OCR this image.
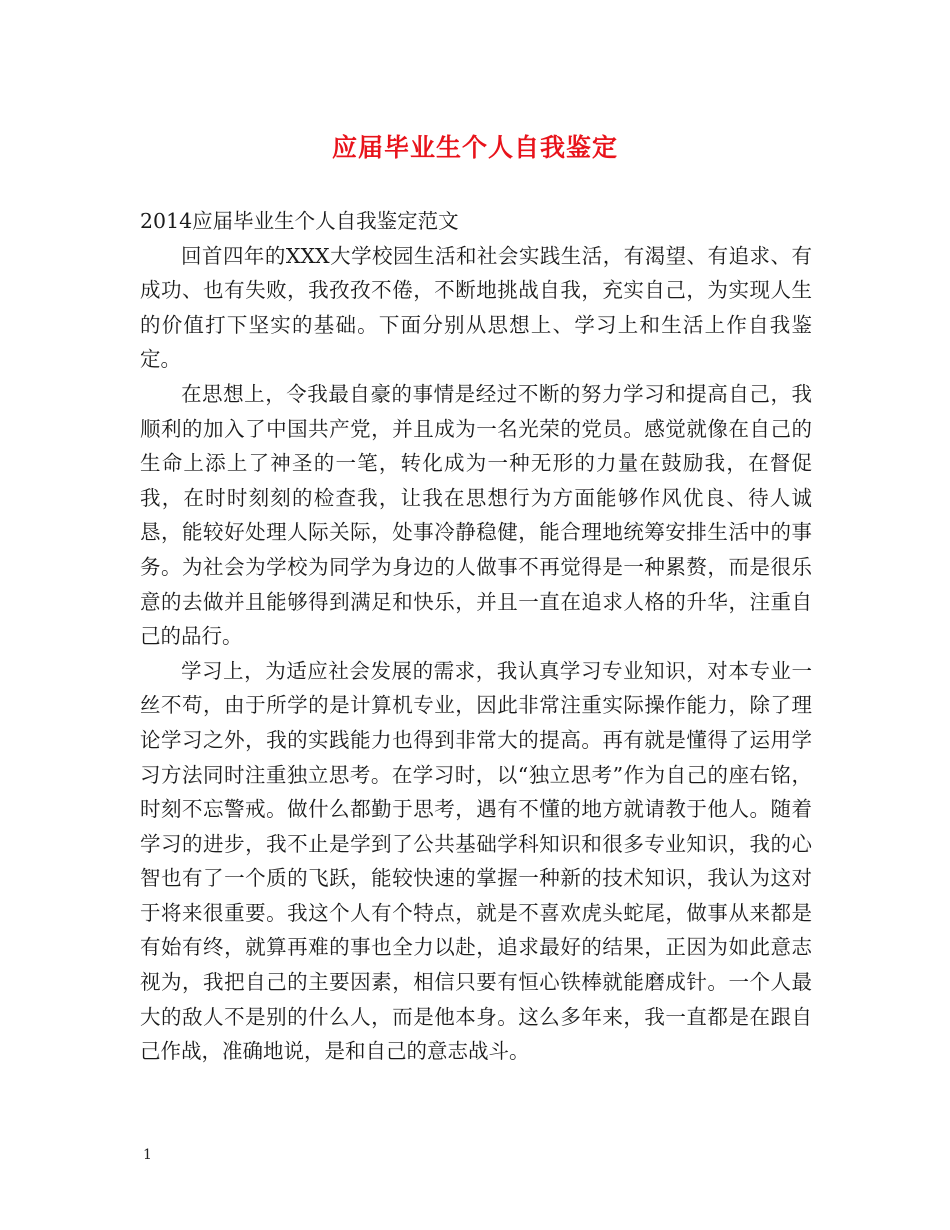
应届毕业生个人自我鉴定

2014应届毕业生个人自我鉴定范文

回首四年的XXX大学校园生活和社会实践生活，有渴望、有追求、有成功、也有失败，我孜孜不倦，不断地挑战自我，充实自己，为实现人生的价值打下坚实的基础。下面分别从思想上、学习上和生活上作自我鉴定。

在思想上，令我最自豪的事情是经过不断的努力学习和提高自己，我顺利的加入了中国共产党，并且成为一名光荣的党员。感觉就像在自己的生命上添上了神圣的一笔，转化成为一种无形的力量在鼓励我，在督促我，在时时刻刻的检查我，让我在思想行为方面能够作风优良、待人诚恳，能较好处理人际关际，处事冷静稳健，能合理地统筹安排生活中的事务。为社会为学校为同学为身边的人做事不再觉得是一种累赘，而是很乐意的去做并且能够得到满足和快乐，并且一直在追求人格的升华，注重自己的品行。

学习上，为适应社会发展的需求，我认真学习专业知识，对本专业一丝不苟，由于所学的是计算机专业，因此非常注重实际操作能力，除了理论学习之外，我的实践能力也得到非常大的提高。再有就是懂得了运用学习方法同时注重独立思考。在学习时，以“独立思考”作为自己的座右铭，时刻不忘警戒。做什么都勤于思考，遇有不懂的地方就请教于他人。随着学习的进步，我不止是学到了公共基础学科知识和很多专业知识，我的心智也有了一个质的飞跃，能较快速的掌握一种新的技术知识，我认为这对于将来很重要。我这个人有个特点，就是不喜欢虎头蛇尾，做事从来都是有始有终，就算再难的事也全力以赴，追求最好的结果，正因为如此意志视为，我把自己的主要因素，相信只要有恒心铁棒就能磨成针。一个人最大的敌人不是别的什么人，而是他本身。这么多年来，我一直都是在跟自己作战，准确地说，是和自己的意志战斗。

1
